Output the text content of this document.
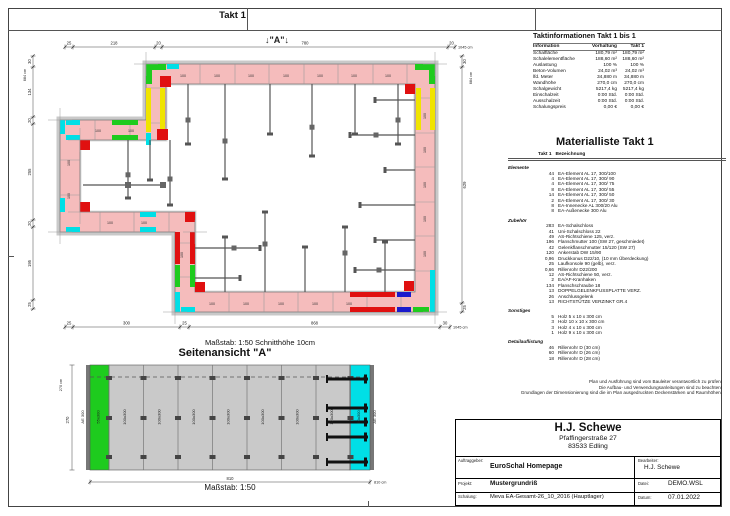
Takt 1
25	218	20	780	20
1045 cm
25	300	25	868	30
1045 cm
30
134
20
255
20
195
25
684 cm
30
629
25
684 cm
↓"A"↓
100	100	100	100	100	100	100
100	100	100	100	100
100
100
100
100
100
100
100
100	100
100	100
100
Maßstab: 1:50 Schnitthöhe 10cm
Seitenansicht "A"
AE 300	55x300	100x300	100x300	100x300	100x300	100x300	100x300	100x300	50x300	AE 300
270
270 cm
810
810 cm
Maßstab: 1:50
Taktinformationen Takt 1 bis 1
Information	Vorhaltung	Takt 1
Schalfläche	180,79 m²	180,79 m²
Schalelementfläche	188,60 m²	188,60 m²
Auslastung	100 %	100 %
Beton-Volumen	24,02 m³	24,02 m³
lfd. Meter	34,880 m	34,880 m
Wandhöhe	270,0 cm	270,0 cm
Schalgewicht	5217,4 kg	5217,4 kg
Einschalzeit	0:00 Std.	0:00 Std.
Ausschalzeit	0:00 Std.	0:00 Std.
Schalungspreis	0,00 €	0,00 €
Materialliste Takt 1
Takt 1 Bezeichnung
Elemente
44 EA-Element AL 17, 300/100
4 EA-Element AL 17, 300/ 90
4 EA-Element AL 17, 300/ 75
8 EA-Element AL 17, 300/ 55
14 EA-Element AL 17, 300/ 50
2 EA-Element AL 17, 300/ 30
8 EA-Innenecke AL 300/20 Alu
8 EA-Außenecke 300 Alu
Zubehör
283 EA-Schalschloss
41 Uni-Schalschloss 22
49 AS-Richtschiene 125, verz.
196 Flanschmutter 100 (SW 27, geschmiedet)
42 Gelenkflanschmutter 15/120 (SW 27)
120 Ankerstab DW 15/90
0,96 Druckkonus D22/10, (10 mm Überdeckung)
25 Laufkonsole 90 (gelb), verz.
0,66 Rillenrohr D22/200
12 AS-Richtschiene 50, verz.
2 EA/AF-Kranhaken
134 Flanschschraube 18
13 DOPPELGELENKFUSSPLATTE VERZ.
26 Anschlussgelenk
13 RICHTSTÜTZE VERZINKT GR.4
Sonstiges
5 Holz 5 x 10 x 300 cm
3 Holz 10 x 10 x 300 cm
3 Holz 4 x 10 x 300 cm
1 Holz 9 x 10 x 300 cm
Detailauflistung
46 Rillenrohr D (30 cm)
60 Rillenrohr D (26 cm)
18 Rillenrohr D (28 cm)
Plan und Ausführung sind vom Bauleiter verantwortlich zu prüfen!
Die Aufbau- und Verwendungsanleitungen sind zu beachten!
Grundlagen der Dimensionierung sind die im Plan ausgedruckten Deckenstärken und Raumhöhen.
H.J. Schewe
Pfaffingerstraße 27
83533 Edling
Auftraggeber:
EuroSchal Homepage
Bearbeiter:
H.J. Schewe
Projekt:	Mustergrundriß	Datei:	DEMO.WSL
Schalung:	Meva EA-Gesamt-26_10_2016 (Hauptlager)	Datum:	07.01.2022
